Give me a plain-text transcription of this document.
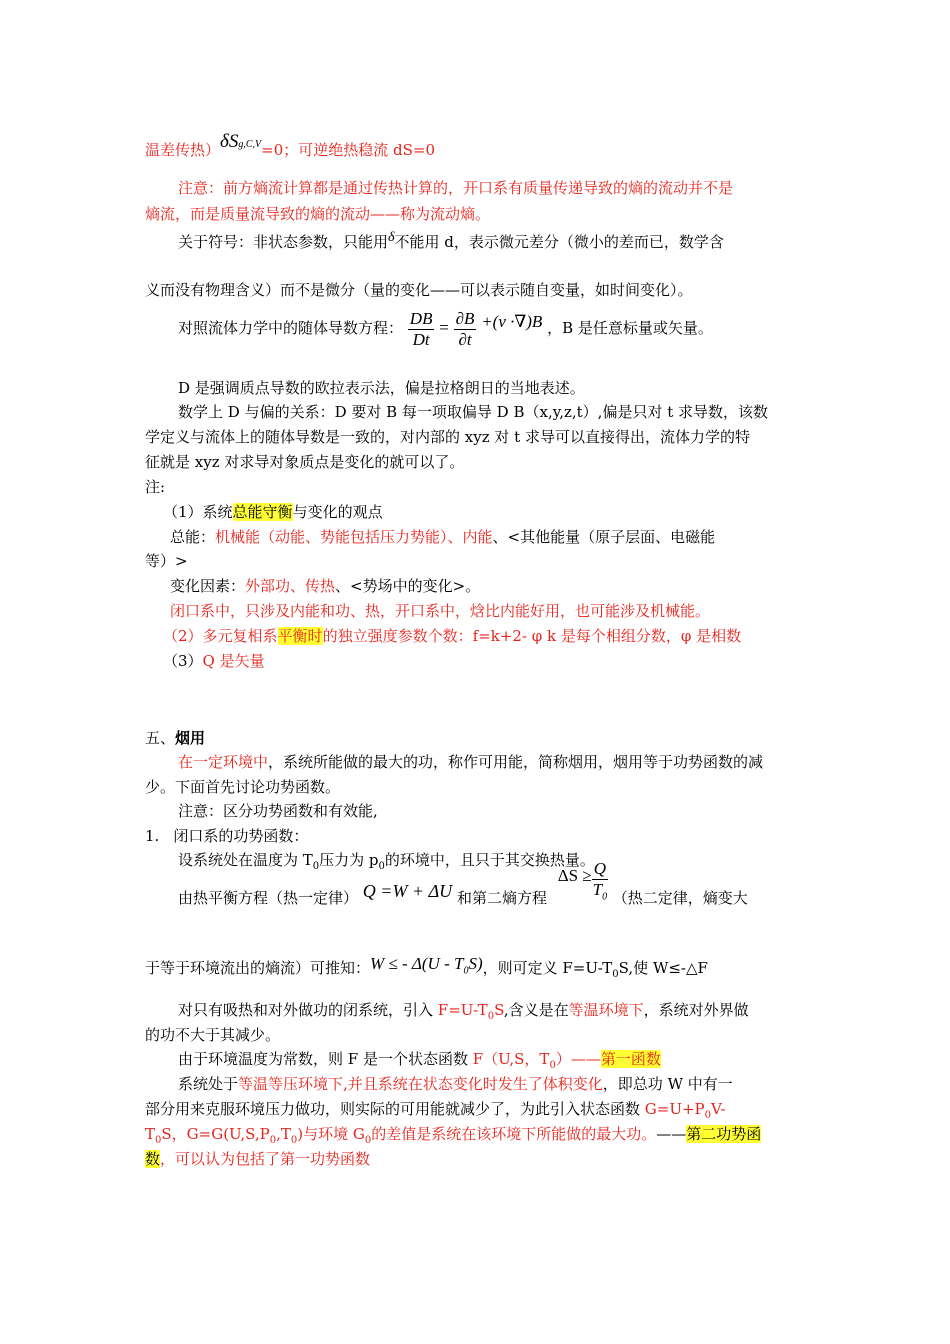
温差传热）$\delta S^{g,C,V}=0$；可逆绝热稳流 dS=0
注意：前方熵流计算都是通过传热计算的，开口系有质量传递导致的熵的流动并不是
熵流，而是质量流导致的熵的流动——称为流动熵。
关于符号：非状态参数，只能用δ不能用 d，表示微元差分（微小的差而已，数学含
义而没有物理含义）而不是微分（量的变化——可以表示随自变量，如时间变化）。
对照流体力学中的随体导数方程： $\frac{DB}{Dt} = \frac{\partial B}{\partial t} +(v \cdot\nabla)B$ ，B 是任意标量或矢量。
D 是强调质点导数的欧拉表示法，偏是拉格朗日的当地表述。
数学上 D 与偏的关系：D 要对 B 每一项取偏导 D B（x,y,z,t）,偏是只对 t 求导数，该数
学定义与流体上的随体导数是一致的，对内部的 xyz 对 t 求导可以直接得出，流体力学的特
征就是 xyz 对求导对象质点是变化的就可以了。
注:
（1）系统总能守衡与变化的观点
总能：机械能（动能、势能包括压力势能）、内能、<其他能量（原子层面、电磁能
等）>
变化因素：外部功、传热、<势场中的变化>。
闭口系中，只涉及内能和功、热，开口系中，焓比内能好用，也可能涉及机械能。
（2）多元复相系平衡时的独立强度参数个数：f=k+2- φ k 是每个相组分数，φ 是相数
（3）Q 是矢量
五、烟用
在一定环境中，系统所能做的最大的功，称作可用能，简称烟用，烟用等于功势函数的减
少。下面首先讨论功势函数。
注意：区分功势函数和有效能,
1. 闭口系的功势函数：
设系统处在温度为 $T_0$压力为 $p_0$的环境中，且只于其交换热量。
由热平衡方程（热一定律） Q =W + ΔU 和第二熵方程 $\Delta S \ge \frac{Q}{T_0}$ （热二定律，熵变大
于等于环境流出的熵流）可推知：W ≤ - $\Delta(U - T_0S)$，则可定义 $F=U-T_0S$,使 W≤-△F
对只有吸热和对外做功的闭系统，引入 $F=U-T_0S$,含义是在等温环境下，系统对外界做
的功不大于其减少。
由于环境温度为常数，则 F 是一个状态函数 F（U,S，$T_0)——$第一函数
系统处于等温等压环境下,并且系统在状态变化时发生了体积变化，即总功 W 中有一
部分用来克服环境压力做功，则实际的可用能就减少了，为此引入状态函数 $G=U+P_0V-$
$T_0S$，$G=G(U,S,P_0,T_0)$与环境 $G_0$的差值是系统在该环境下所能做的最大功。——第二功势函
数，可以认为包括了第一功势函数
